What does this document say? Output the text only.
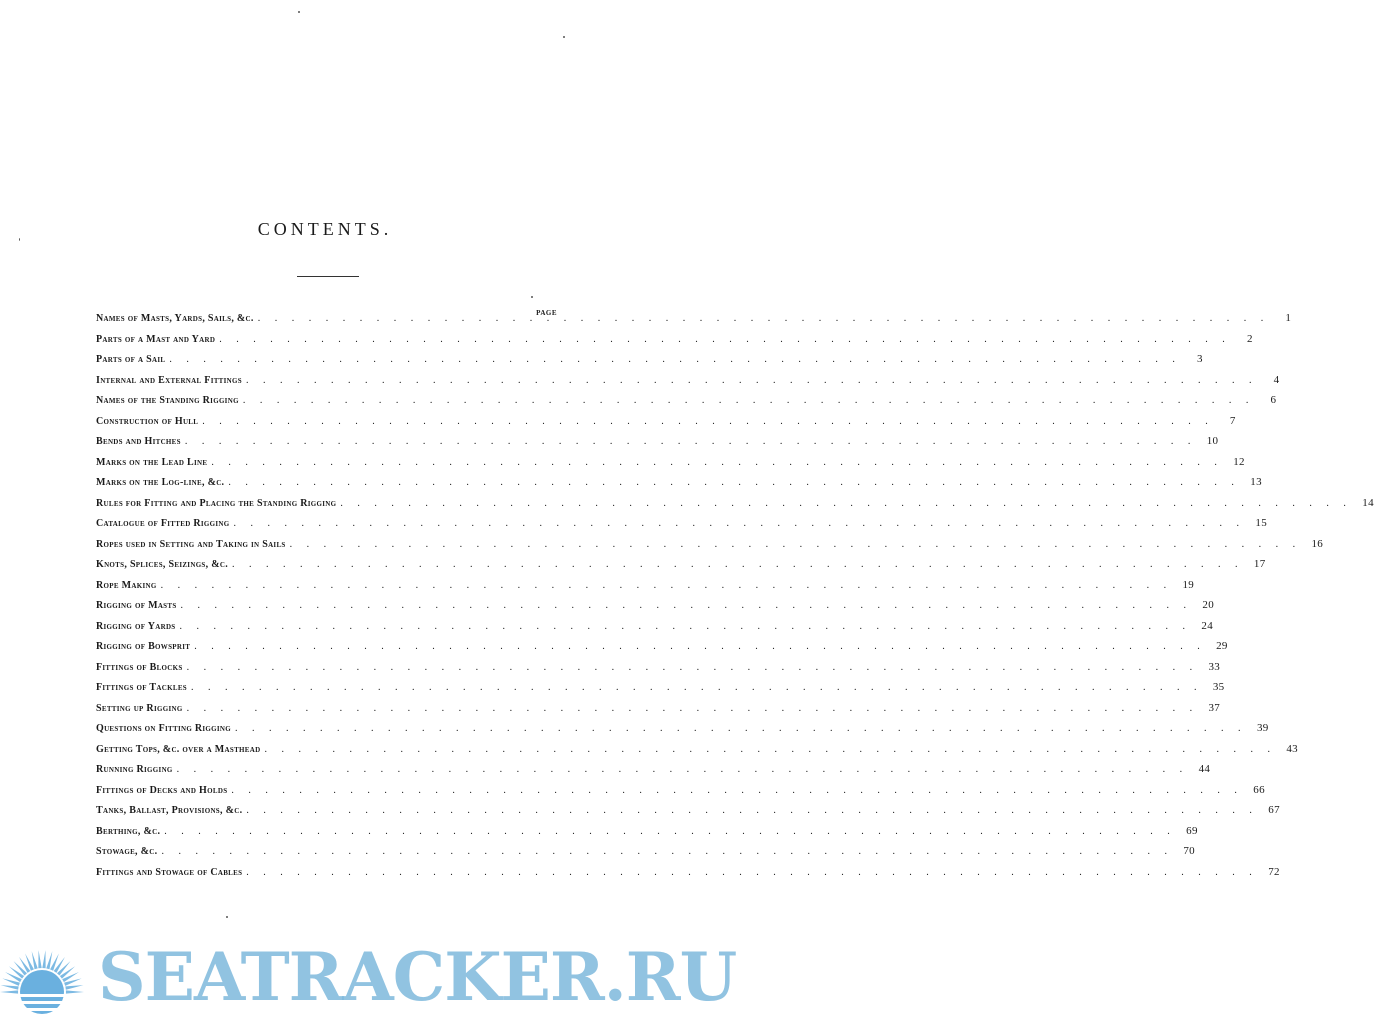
CONTENTS.
PAGE
Names of Masts, Yards, Sails, &c. . . .	1
Parts of a Mast and Yard . . .	2
Parts of a Sail . . .	3
Internal and External Fittings . . .	4
Names of the Standing Rigging . . .	6
Construction of Hull . . .	7
Bends and Hitches . . .	10
Marks on the Lead Line . . .	12
Marks on the Log-line, &c. . . .	13
Rules for Fitting and Placing the Standing Rigging . . .	14
Catalogue of Fitted Rigging . . .	15
Ropes used in Setting and Taking in Sails . . .	16
Knots, Splices, Seizings, &c. . . .	17
Rope Making . . .	19
Rigging of Masts . . .	20
Rigging of Yards . . .	24
Rigging of Bowsprit . . .	29
Fittings of Blocks . . .	33
Fittings of Tackles . . .	35
Setting up Rigging . . .	37
Questions on Fitting Rigging . . .	39
Getting Tops, &c. over a Masthead . . .	43
Running Rigging . . .	44
Fittings of Decks and Holds . . .	66
Tanks, Ballast, Provisions, &c. . . .	67
Berthing, &c. . . .	69
Stowage, &c. . . .	70
Fittings and Stowage of Cables . . .	72
SEATRACKER.RU
